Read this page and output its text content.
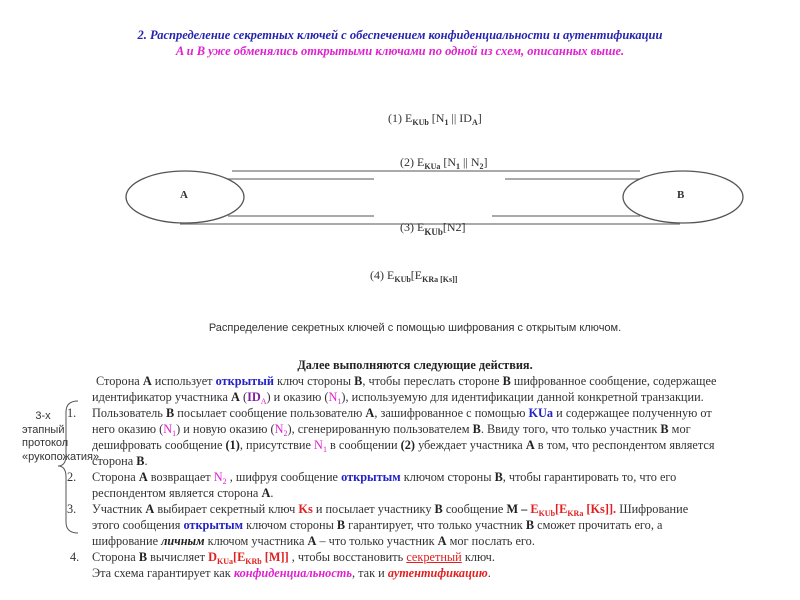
2. Распределение секретных ключей с обеспечением конфиденциальности и аутентификации
A и B уже обменялись открытыми ключами по одной из схем, описанных выше.
A	B
(1) $E_{KUb}$ [$N_1$ || $ID_A$]
(2) $E_{KUa}$ [$N_1$ || $N_2$]
(3) $E_{KUb}[N2]$
(4) $E_{KUb}[E_{KRa}$ $_{[Ks]]}$
Распределение секретных ключей с помощью шифрования с открытым ключом.
3-х этапный протокол «рукопожатия»
Далее выполняются следующие действия.
Сторона A использует открытый ключ стороны B, чтобы переслать стороне B шифрованное сообщение, содержащее
идентификатор участника A $(ID_A)$ и оказию $(N_1)$, используемую для идентификации данной конкретной транзакции.
Пользователь B посылает сообщение пользователю A, зашифрованное с помощью KUa и содержащее полученную от
1.
него оказию $(N_1)$ и новую оказию $(N_2)$, сгенерированную пользователем B. Ввиду того, что только участник B мог
дешифровать сообщение (1), присутствие $N_1$ в сообщении (2) убеждает участника A в том, что респондентом является
сторона B.
Сторона A возвращает $N_2$ , шифруя сообщение открытым ключом стороны B, чтобы гарантировать то, что его
2.
респондентом является сторона A.
Участник A выбирает секретный ключ Ks и посылает участнику B сообщение M – $E_{KUb}[E_{KRa}$ [Ks]]. Шифрование
3.
этого сообщения открытым ключом стороны B гарантирует, что только участник B сможет прочитать его, а
шифрование личным ключом участника A – что только участник A мог послать его.
Сторона B вычисляет $D_{KUa}[E_{KRb}$ [M]] , чтобы восстановить секретный ключ.
4.
Эта схема гарантирует как конфиденциальность, так и аутентификацию.
